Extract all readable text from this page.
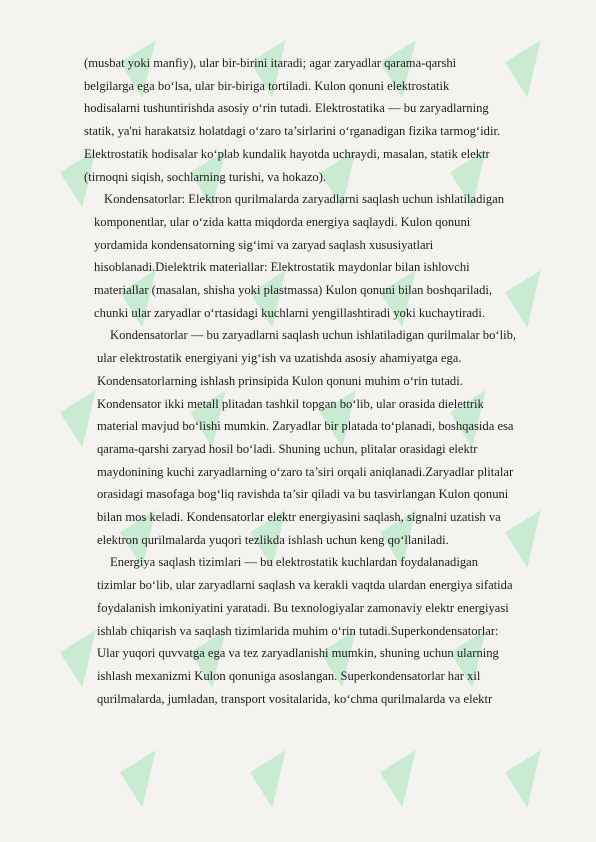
(musbat yoki manfiy), ular bir-birini itaradi; agar zaryadlar qarama-qarshi
belgilarga ega bo‘lsa, ular bir-biriga tortiladi. Kulon qonuni elektrostatik
hodisalarni tushuntirishda asosiy o‘rin tutadi. Elektrostatika — bu zaryadlarning
statik, ya'ni harakatsiz holatdagi o‘zaro ta’sirlarini o‘rganadigan fizika tarmog‘idir.
Elektrostatik hodisalar ko‘plab kundalik hayotda uchraydi, masalan, statik elektr
(tirnoqni siqish, sochlarning turishi, va hokazo).

Kondensatorlar: Elektron qurilmalarda zaryadlarni saqlash uchun ishlatiladigan
komponentlar, ular o‘zida katta miqdorda energiya saqlaydi. Kulon qonuni
yordamida kondensatorning sig‘imi va zaryad saqlash xususiyatlari
hisoblanadi.Dielektrik materiallar: Elektrostatik maydonlar bilan ishlovchi
materiallar (masalan, shisha yoki plastmassa) Kulon qonuni bilan boshqariladi,
chunki ular zaryadlar o‘rtasidagi kuchlarni yengillashtiradi yoki kuchaytiradi.

Kondensatorlar — bu zaryadlarni saqlash uchun ishlatiladigan qurilmalar bo‘lib,
ular elektrostatik energiyani yig‘ish va uzatishda asosiy ahamiyatga ega.
Kondensatorlarning ishlash prinsipida Kulon qonuni muhim o‘rin tutadi.
Kondensator ikki metall plitadan tashkil topgan bo‘lib, ular orasida dielettrik
material mavjud bo‘lishi mumkin. Zaryadlar bir platada to‘planadi, boshqasida esa
qarama-qarshi zaryad hosil bo‘ladi. Shuning uchun, plitalar orasidagi elektr
maydonining kuchi zaryadlarning o‘zaro ta’siri orqali aniqlanadi.Zaryadlar plitalar
orasidagi masofaga bog‘liq ravishda ta’sir qiladi va bu tasvirlangan Kulon qonuni
bilan mos keladi. Kondensatorlar elektr energiyasini saqlash, signalni uzatish va
elektron qurilmalarda yuqori tezlikda ishlash uchun keng qo‘llaniladi.

Energiya saqlash tizimlari — bu elektrostatik kuchlardan foydalanadigan
tizimlar bo‘lib, ular zaryadlarni saqlash va kerakli vaqtda ulardan energiya sifatida
foydalanish imkoniyatini yaratadi. Bu texnologiyalar zamonaviy elektr energiyasi
ishlab chiqarish va saqlash tizimlarida muhim o‘rin tutadi.Superkondensatorlar:
Ular yuqori quvvatga ega va tez zaryadlanishi mumkin, shuning uchun ularning
ishlash mexanizmi Kulon qonuniga asoslangan. Superkondensatorlar har xil
qurilmalarda, jumladan, transport vositalarida, ko‘chma qurilmalarda va elektr
